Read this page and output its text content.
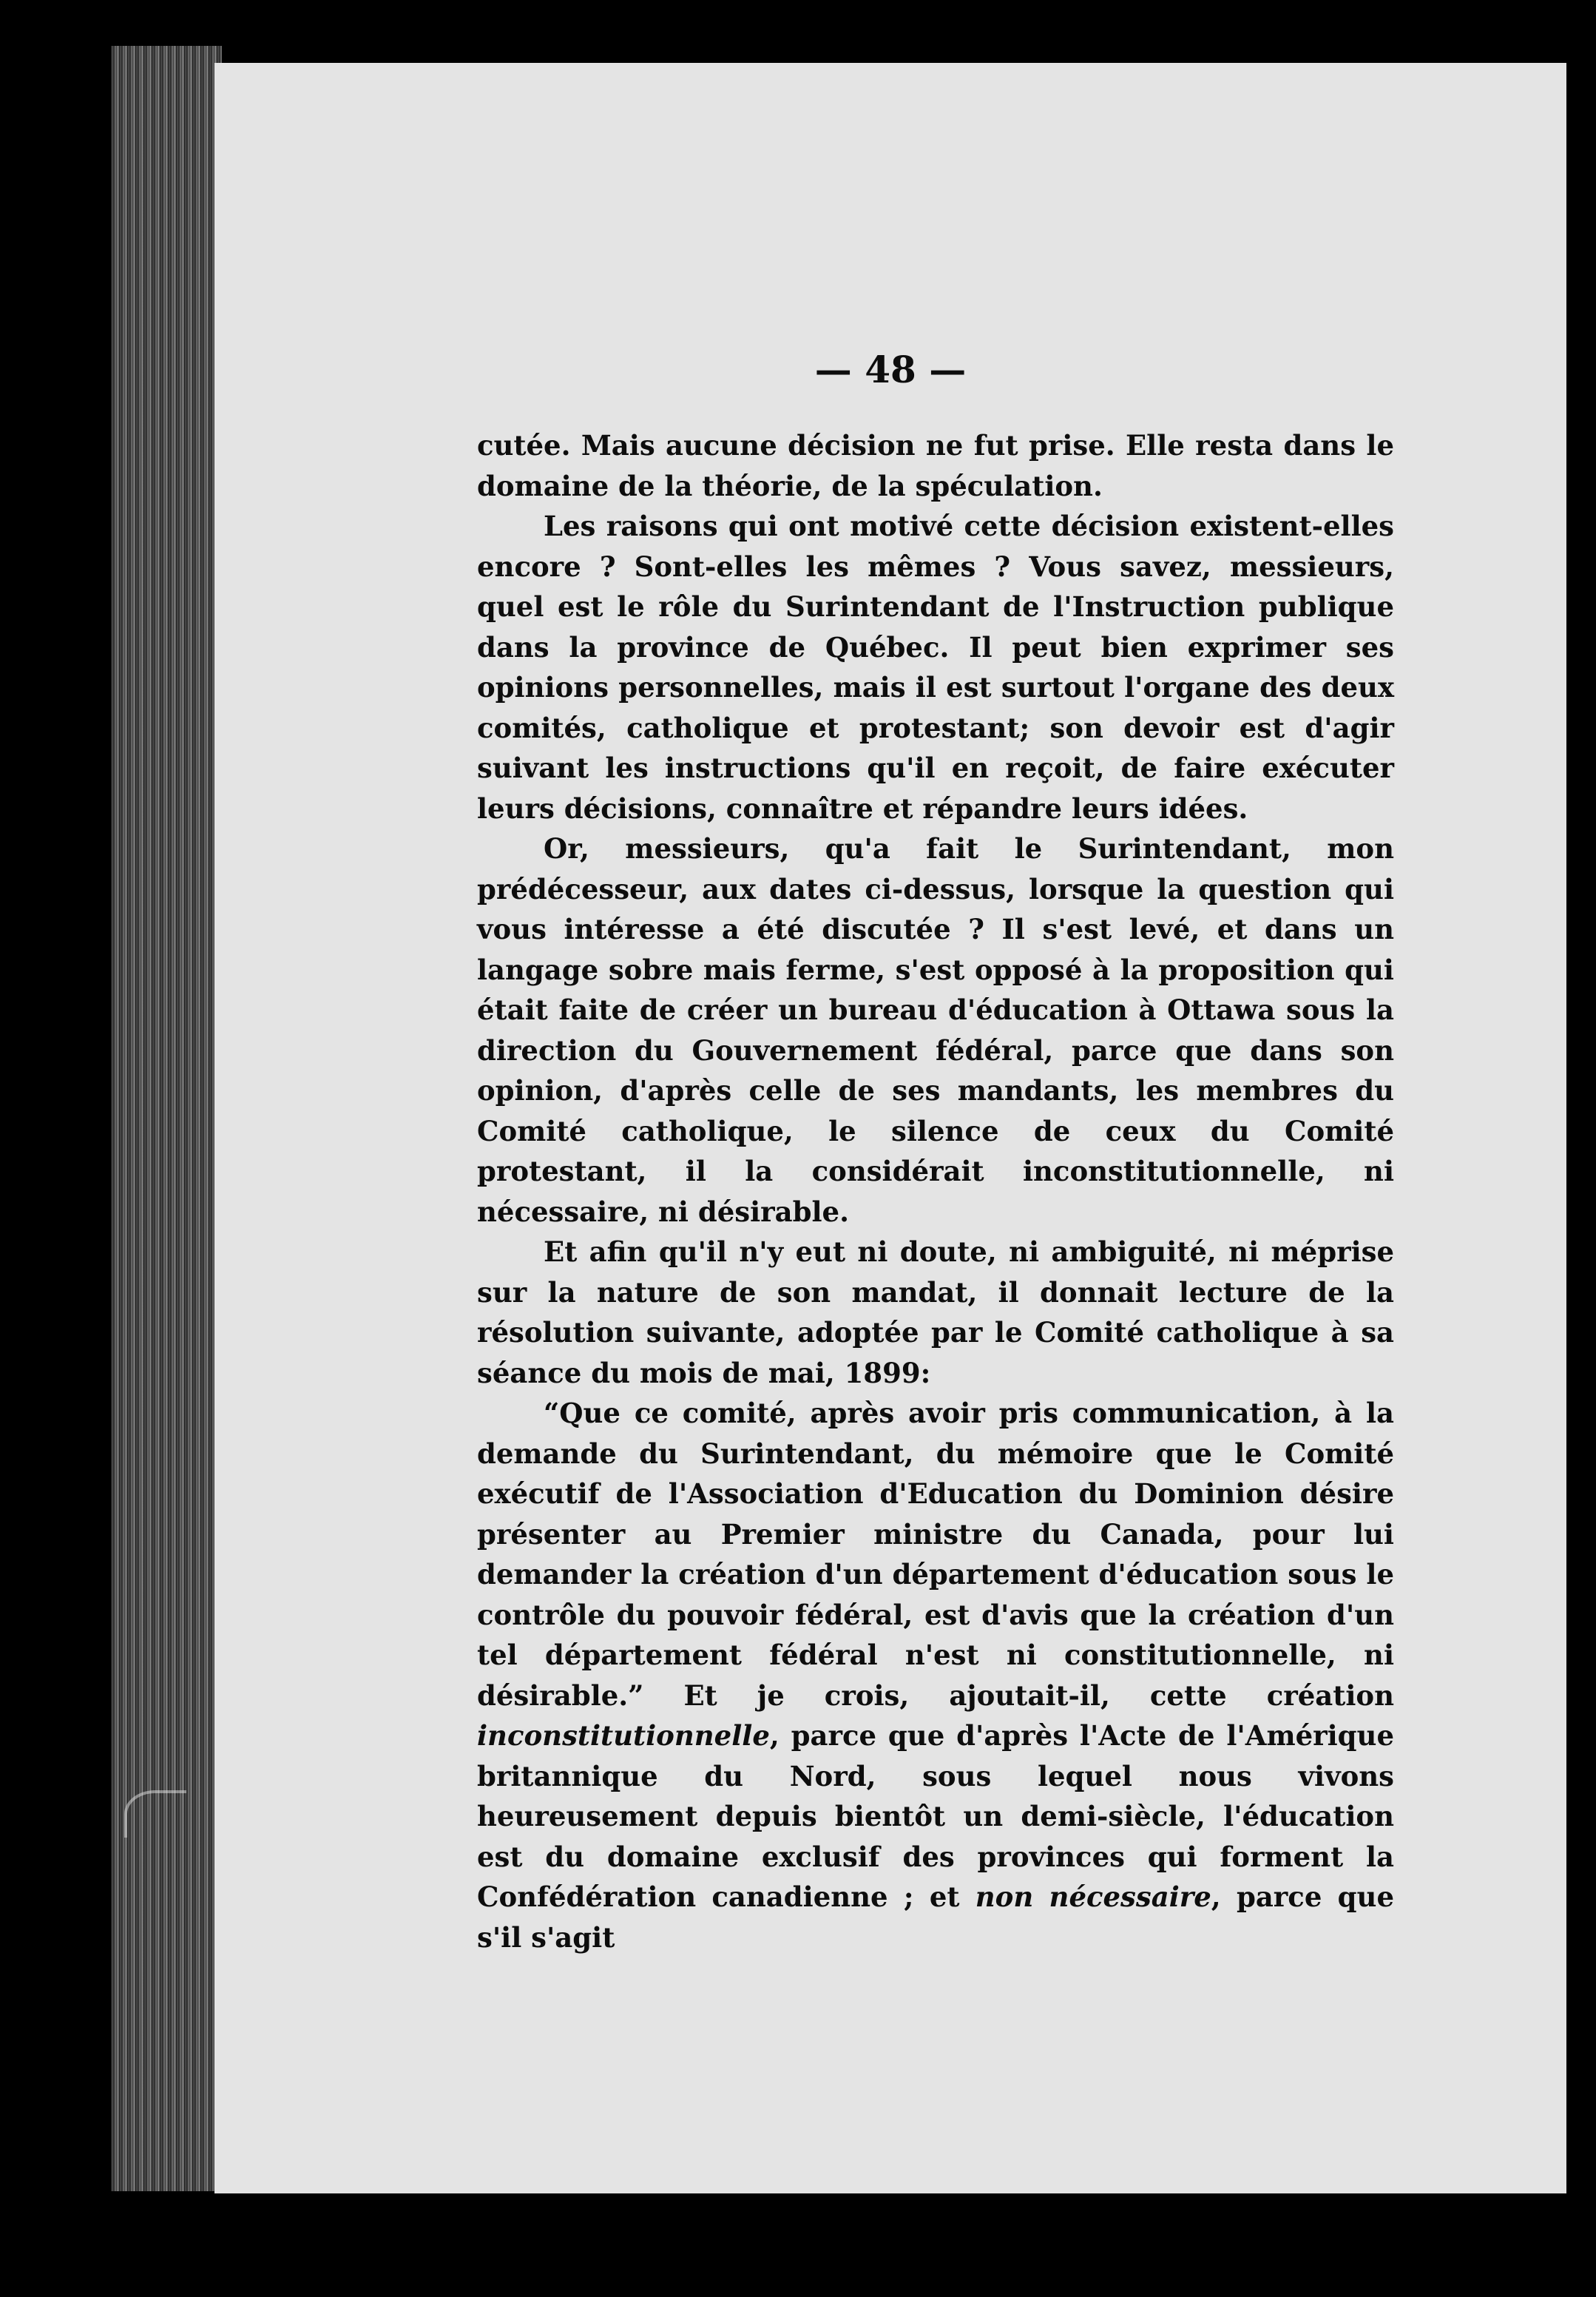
— 48 —

cutée. Mais aucune décision ne fut prise. Elle resta dans le domaine de la théorie, de la spéculation.

Les raisons qui ont motivé cette décision existent-elles encore ? Sont-elles les mêmes ? Vous savez, messieurs, quel est le rôle du Surintendant de l'Instruction publique dans la province de Québec. Il peut bien exprimer ses opinions personnelles, mais il est surtout l'organe des deux comités, catholique et protestant; son devoir est d'agir suivant les instructions qu'il en reçoit, de faire exécuter leurs décisions, connaître et répandre leurs idées.

Or, messieurs, qu'a fait le Surintendant, mon prédécesseur, aux dates ci-dessus, lorsque la question qui vous intéresse a été discutée ? Il s'est levé, et dans un langage sobre mais ferme, s'est opposé à la proposition qui était faite de créer un bureau d'éducation à Ottawa sous la direction du Gouvernement fédéral, parce que dans son opinion, d'après celle de ses mandants, les membres du Comité catholique, le silence de ceux du Comité protestant, il la considérait inconstitutionnelle, ni nécessaire, ni désirable.

Et afin qu'il n'y eut ni doute, ni ambiguité, ni méprise sur la nature de son mandat, il donnait lecture de la résolution suivante, adoptée par le Comité catholique à sa séance du mois de mai, 1899:

“Que ce comité, après avoir pris communication, à la demande du Surintendant, du mémoire que le Comité exécutif de l'Association d'Education du Dominion désire présenter au Premier ministre du Canada, pour lui demander la création d'un département d'éducation sous le contrôle du pouvoir fédéral, est d'avis que la création d'un tel département fédéral n'est ni constitutionnelle, ni désirable.” Et je crois, ajoutait-il, cette création inconstitutionnelle, parce que d'après l'Acte de l'Amérique britannique du Nord, sous lequel nous vivons heureusement depuis bientôt un demi-siècle, l'éducation est du domaine exclusif des provinces qui forment la Confédération canadienne ; et non nécessaire, parce que s'il s'agit
